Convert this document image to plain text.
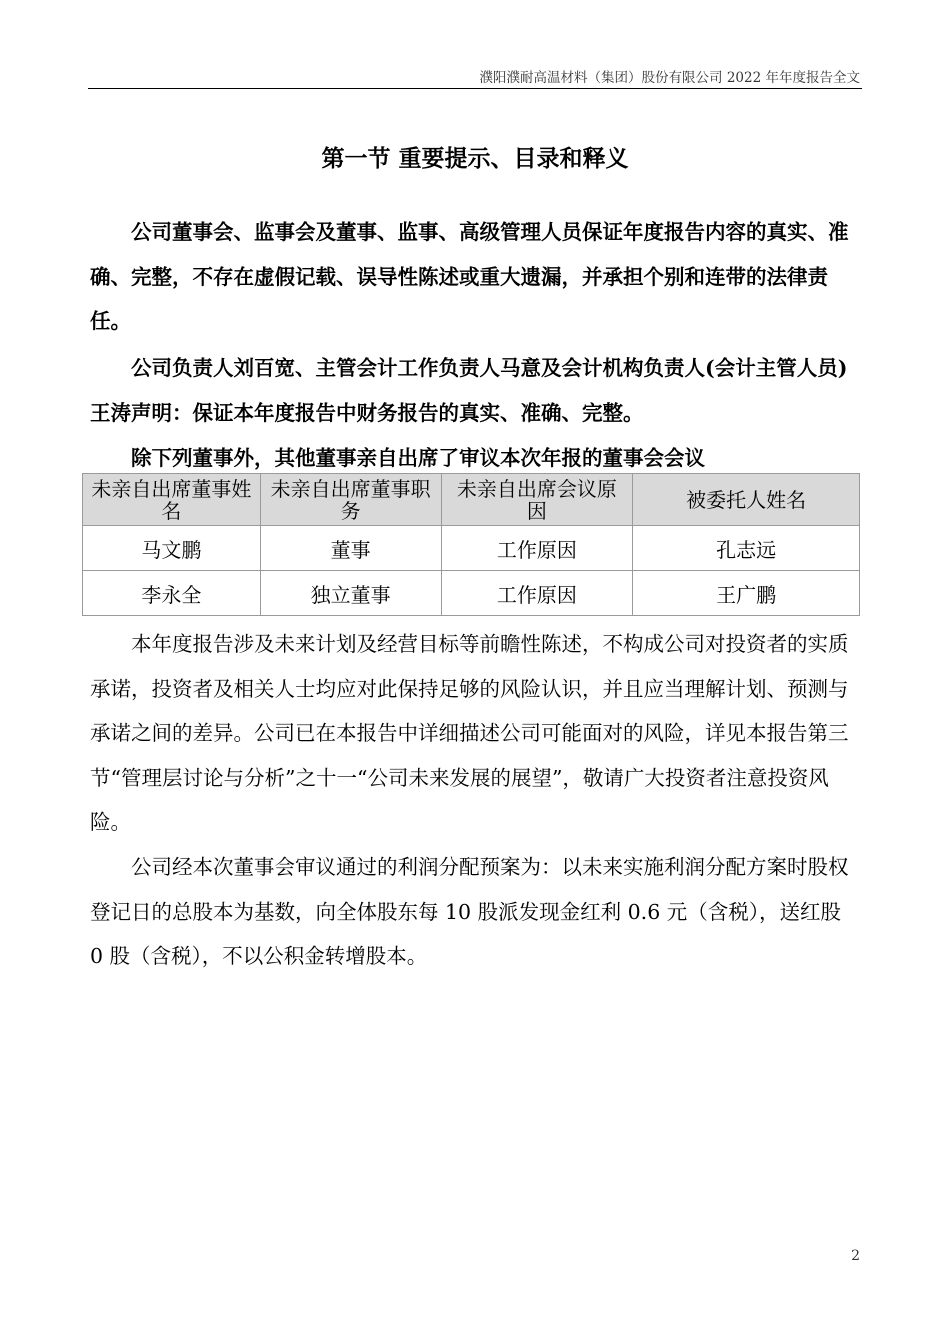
濮阳濮耐高温材料（集团）股份有限公司 2022 年年度报告全文
第一节 重要提示、目录和释义

公司董事会、监事会及董事、监事、高级管理人员保证年度报告内容的真实、准确、完整，不存在虚假记载、误导性陈述或重大遗漏，并承担个别和连带的法律责任。

公司负责人刘百宽、主管会计工作负责人马意及会计机构负责人(会计主管人员)王涛声明：保证本年度报告中财务报告的真实、准确、完整。

除下列董事外，其他董事亲自出席了审议本次年报的董事会会议

未亲自出席董事姓名	未亲自出席董事职务	未亲自出席会议原因	被委托人姓名
马文鹏	董事	工作原因	孔志远
李永全	独立董事	工作原因	王广鹏

本年度报告涉及未来计划及经营目标等前瞻性陈述，不构成公司对投资者的实质承诺，投资者及相关人士均应对此保持足够的风险认识，并且应当理解计划、预测与承诺之间的差异。公司已在本报告中详细描述公司可能面对的风险，详见本报告第三节“管理层讨论与分析”之十一“公司未来发展的展望”，敬请广大投资者注意投资风险。

公司经本次董事会审议通过的利润分配预案为：以未来实施利润分配方案时股权登记日的总股本为基数，向全体股东每 10 股派发现金红利 0.6 元（含税），送红股 0 股（含税），不以公积金转增股本。

2
